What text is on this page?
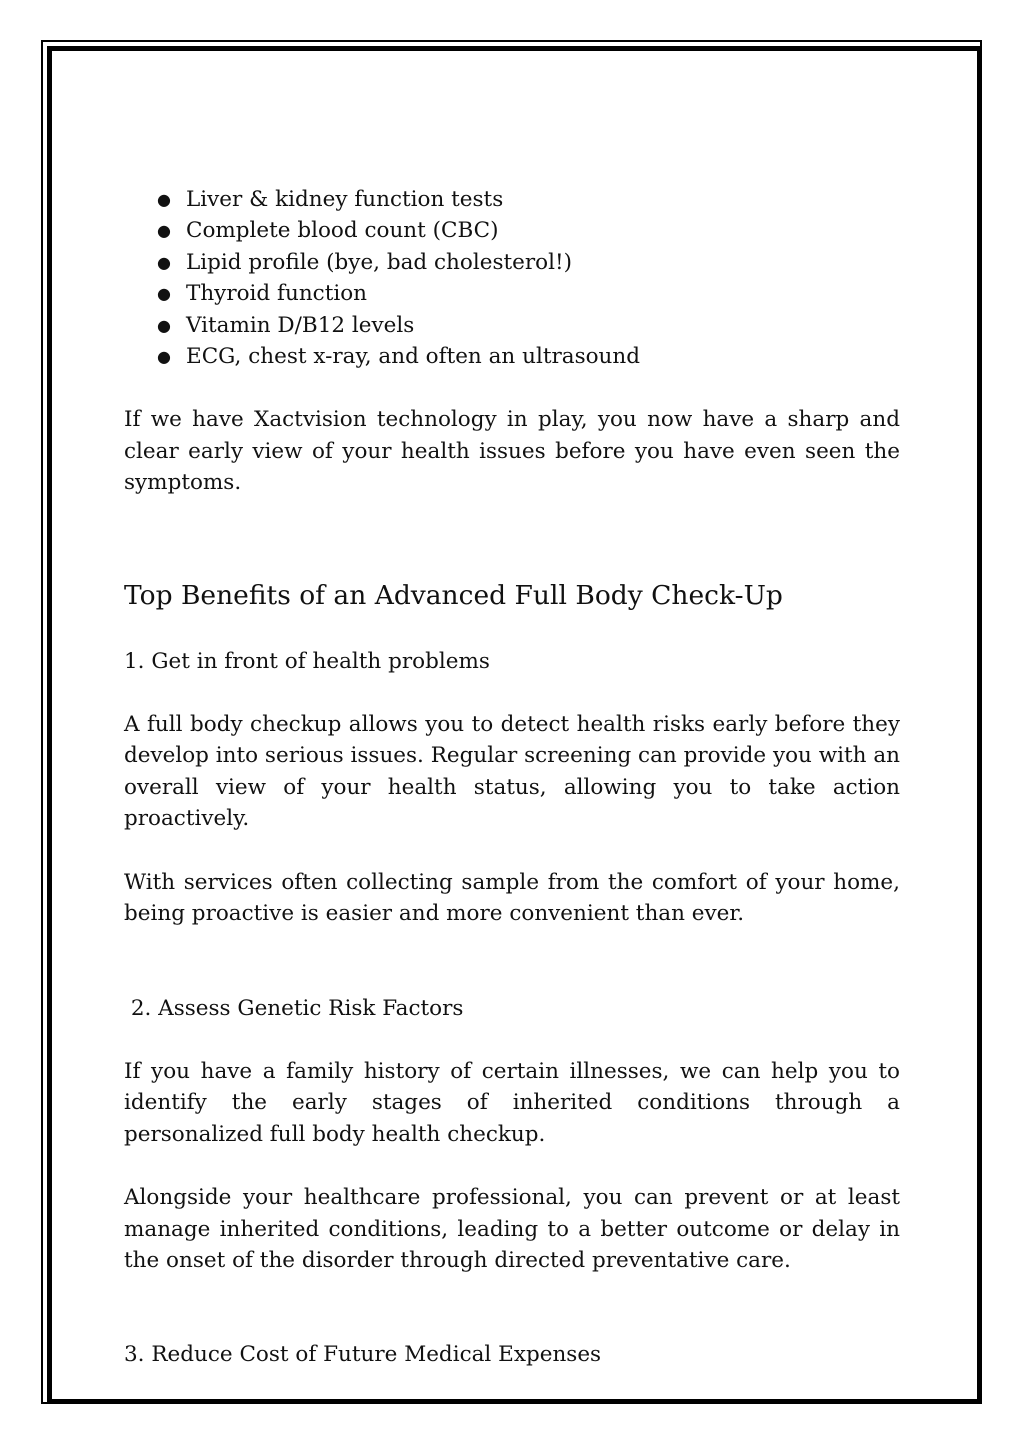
● Liver & kidney function tests
● Complete blood count (CBC)
● Lipid profile (bye, bad cholesterol!)
● Thyroid function
● Vitamin D/B12 levels
● ECG, chest x-ray, and often an ultrasound

If we have Xactvision technology in play, you now have a sharp and clear early view of your health issues before you have even seen the symptoms.

Top Benefits of an Advanced Full Body Check-Up

1. Get in front of health problems

A full body checkup allows you to detect health risks early before they develop into serious issues. Regular screening can provide you with an overall view of your health status, allowing you to take action proactively.

With services often collecting sample from the comfort of your home, being proactive is easier and more convenient than ever.

2. Assess Genetic Risk Factors

If you have a family history of certain illnesses, we can help you to identify the early stages of inherited conditions through a personalized full body health checkup.

Alongside your healthcare professional, you can prevent or at least manage inherited conditions, leading to a better outcome or delay in the onset of the disorder through directed preventative care.

3. Reduce Cost of Future Medical Expenses
